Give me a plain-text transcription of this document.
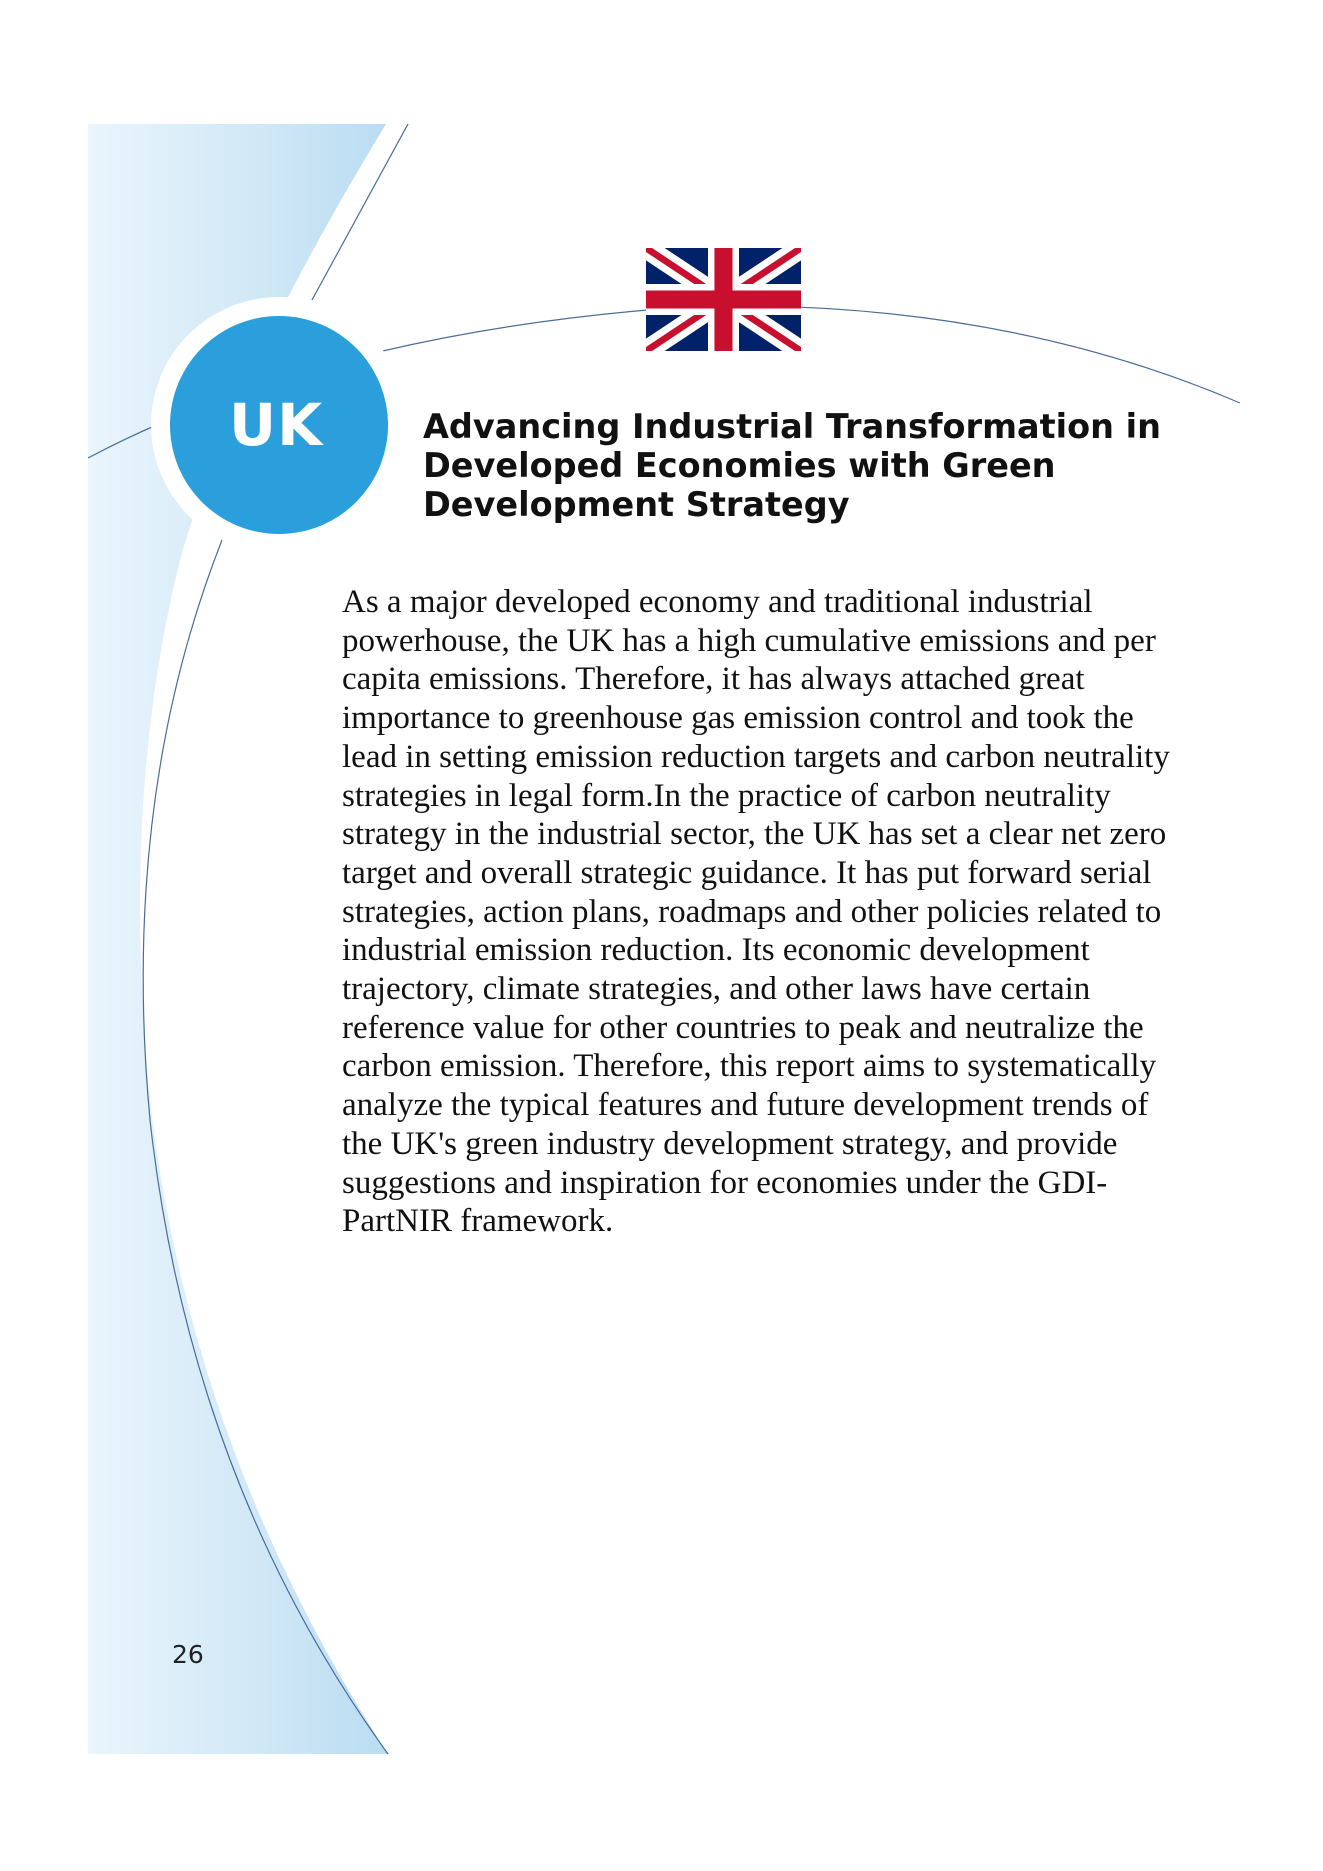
UK	Advancing Industrial Transformation in Developed Economies with Green Development Strategy

As a major developed economy and traditional industrial powerhouse, the UK has a high cumulative emissions and per capita emissions. Therefore, it has always attached great importance to greenhouse gas emission control and took the lead in setting emission reduction targets and carbon neutrality strategies in legal form.In the practice of carbon neutrality strategy in the industrial sector, the UK has set a clear net zero target and overall strategic guidance. It has put forward serial strategies, action plans, roadmaps and other policies related to industrial emission reduction. Its economic development trajectory, climate strategies, and other laws have certain reference value for other countries to peak and neutralize the carbon emission. Therefore, this report aims to systematically analyze the typical features and future development trends of the UK's green industry development strategy, and provide suggestions and inspiration for economies under the GDI-PartNIR framework.

26
